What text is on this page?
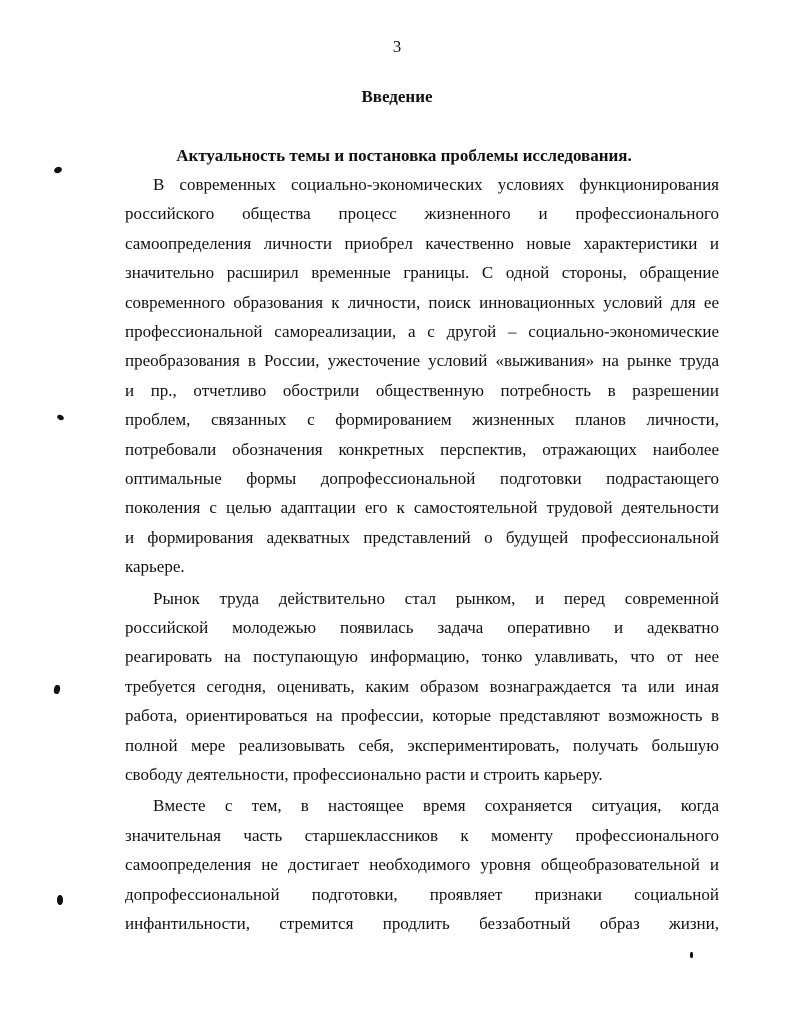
3
Введение
Актуальность темы и постановка проблемы исследования.
В современных социально-экономических условиях функционирования
российского общества процесс жизненного и профессионального
самоопределения личности приобрел качественно новые характеристики и
значительно расширил временные границы. С одной стороны, обращение
современного образования к личности, поиск инновационных условий для ее
профессиональной самореализации, а с другой – социально-экономические
преобразования в России, ужесточение условий «выживания» на рынке труда
и пр., отчетливо обострили общественную потребность в разрешении
проблем, связанных с формированием жизненных планов личности,
потребовали обозначения конкретных перспектив, отражающих наиболее
оптимальные формы допрофессиональной подготовки подрастающего
поколения с целью адаптации его к самостоятельной трудовой деятельности
и формирования адекватных представлений о будущей профессиональной
карьере.
Рынок труда действительно стал рынком, и перед современной
российской молодежью появилась задача оперативно и адекватно
реагировать на поступающую информацию, тонко улавливать, что от нее
требуется сегодня, оценивать, каким образом вознаграждается та или иная
работа, ориентироваться на профессии, которые представляют возможность в
полной мере реализовывать себя, экспериментировать, получать большую
свободу деятельности, профессионально расти и строить карьеру.
Вместе с тем, в настоящее время сохраняется ситуация, когда
значительная часть старшеклассников к моменту профессионального
самоопределения не достигает необходимого уровня общеобразовательной и
допрофессиональной подготовки, проявляет признаки социальной
инфантильности, стремится продлить беззаботный образ жизни,
